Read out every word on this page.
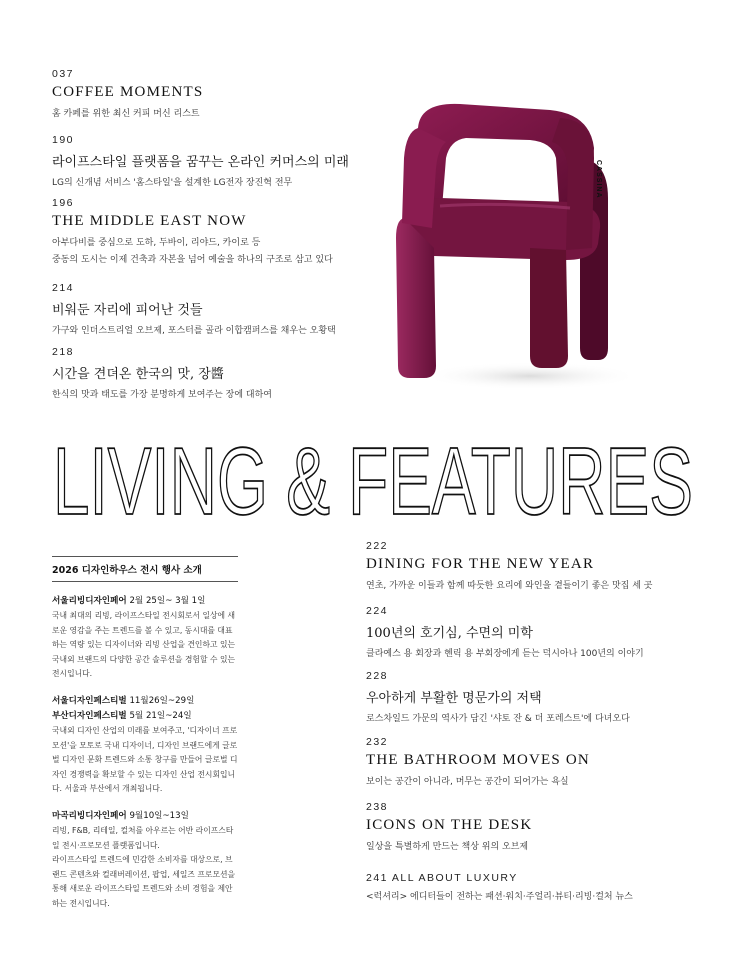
037
COFFEE MOMENTS
홈 카페를 위한 최신 커피 머신 리스트
190
라이프스타일 플랫폼을 꿈꾸는 온라인 커머스의 미래
LG의 신개념 서비스 '홈스타일'을 설계한 LG전자 장진혁 전무
196
THE MIDDLE EAST NOW
아부다비를 중심으로 도하, 두바이, 리야드, 카이로 등
중동의 도시는 이제 건축과 자본을 넘어 예술을 하나의 구조로 삼고 있다
214
비워둔 자리에 피어난 것들
가구와 인더스트리얼 오브제, 포스터를 골라 이합캠퍼스를 채우는 오황택
218
시간을 견뎌온 한국의 맛, 장醬
한식의 맛과 태도를 가장 분명하게 보여주는 장에 대하여
CASSINA
LIVING & FEATURES
2026 디자인하우스 전시 행사 소개
서울리빙디자인페어 2월 25일~ 3월 1일
국내 최대의 리빙, 라이프스타일 전시회로서 일상에 새로운 영감을 주는 트렌드를 볼 수 있고, 동시대를 대표하는 역량 있는 디자이너와 리빙 산업을 견인하고 있는 국내외 브랜드의 다양한 공간 솔루션을 경험할 수 있는 전시입니다.
서울디자인페스티벌 11월26일~29일
부산디자인페스티벌 5월 21일~24일
국내외 디자인 산업의 미래를 보여주고, '디자이너 프로모션'을 모토로 국내 디자이너, 디자인 브랜드에게 글로벌 디자인 문화 트렌드와 소통 창구를 만들어 글로벌 디자인 경쟁력을 확보할 수 있는 디자인 산업 전시회입니다. 서울과 부산에서 개최됩니다.
마곡리빙디자인페어 9월10일~13일
리빙, F&B, 리테일, 컬처를 아우르는 어반 라이프스타일 전시·프로모션 플랫폼입니다.
라이프스타일 트렌드에 민감한 소비자를 대상으로, 브랜드 콘텐츠와 컬래버레이션, 팝업, 세일즈 프로모션을 통해 새로운 라이프스타일 트렌드와 소비 경험을 제안하는 전시입니다.
222
DINING FOR THE NEW YEAR
연초, 가까운 이들과 함께 따듯한 요리에 와인을 곁들이기 좋은 맛집 세 곳
224
100년의 호기심, 수면의 미학
클라예스 용 회장과 헨릭 용 부회장에게 듣는 덕시아나 100년의 이야기
228
우아하게 부활한 명문가의 저택
로스차일드 가문의 역사가 담긴 '샤토 잔 & 더 포레스트'에 다녀오다
232
THE BATHROOM MOVES ON
보이는 공간이 아니라, 머무는 공간이 되어가는 욕실
238
ICONS ON THE DESK
일상을 특별하게 만드는 책상 위의 오브제
241 ALL ABOUT LUXURY
<럭셔리> 에디터들이 전하는 패션·워치·주얼리·뷰티·리빙·컬처 뉴스
